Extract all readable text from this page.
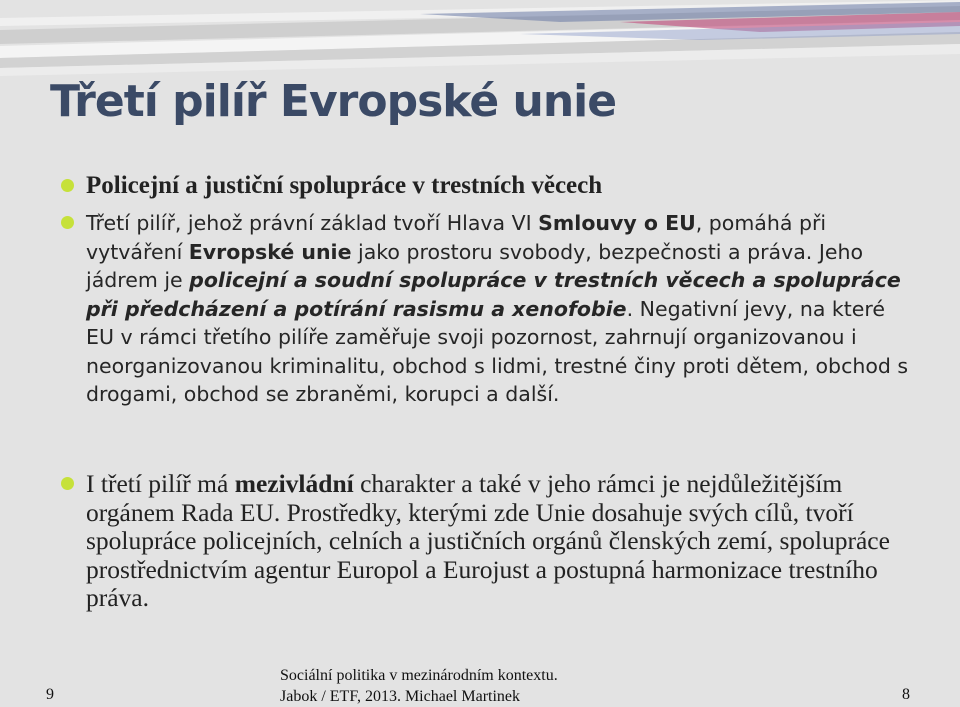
Třetí pilíř Evropské unie
Policejní a justiční spolupráce v trestních věcech
Třetí pilíř, jehož právní základ tvoří Hlava VI Smlouvy o EU, pomáhá při vytváření Evropské unie jako prostoru svobody, bezpečnosti a práva. Jeho jádrem je policejní a soudní spolupráce v trestních věcech a spolupráce při předcházení a potírání rasismu a xenofobie. Negativní jevy, na které EU v rámci třetího pilíře zaměřuje svoji pozornost, zahrnují organizovanou i neorganizovanou kriminalitu, obchod s lidmi, trestné činy proti dětem, obchod s drogami, obchod se zbraněmi, korupci a další.
I třetí pilíř má mezivládní charakter a také v jeho rámci je nejdůležitějším orgánem Rada EU. Prostředky, kterými zde Unie dosahuje svých cílů, tvoří spolupráce policejních, celních a justičních orgánů členských zemí, spolupráce prostřednictvím agentur Europol a Eurojust a postupná harmonizace trestního práva.
Sociální politika v mezinárodním kontextu.
Jabok / ETF, 2013. Michael Martinek
9	8
